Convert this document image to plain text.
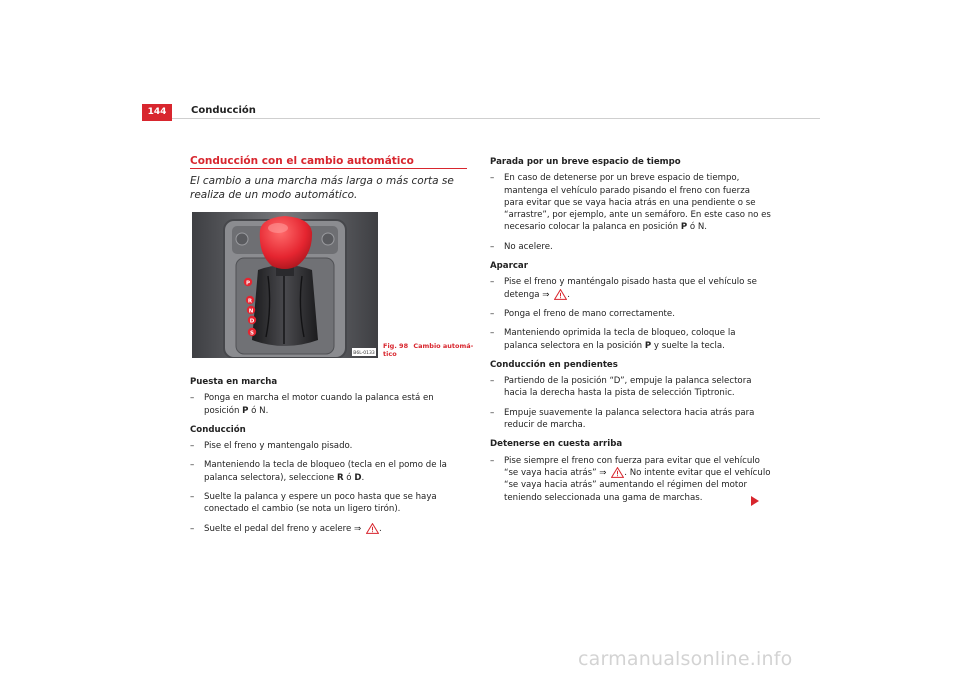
144	Conducción
Conducción con el cambio automático
El cambio a una marcha más larga o más corta se realiza de un modo automático.
P
R
N
D
S
B6L-0133
Fig. 98 Cambio automá-
tico
Puesta en marcha
– Ponga en marcha el motor cuando la palanca está en posición P ó N.
Conducción
– Pise el freno y mantengalo pisado.
– Manteniendo la tecla de bloqueo (tecla en el pomo de la palanca selectora), seleccione R ó D.
– Suelte la palanca y espere un poco hasta que se haya conectado el cambio (se nota un ligero tirón).
– Suelte el pedal del freno y acelere ⇒ .
Parada por un breve espacio de tiempo
– En caso de detenerse por un breve espacio de tiempo, mantenga el vehículo parado pisando el freno con fuerza para evitar que se vaya hacia atrás en una pendiente o se “arrastre”, por ejemplo, ante un semáforo. En este caso no es necesario colocar la palanca en posición P ó N.
– No acelere.
Aparcar
– Pise el freno y manténgalo pisado hasta que el vehículo se detenga ⇒ .
– Ponga el freno de mano correctamente.
– Manteniendo oprimida la tecla de bloqueo, coloque la palanca selectora en la posición P y suelte la tecla.
Conducción en pendientes
– Partiendo de la posición “D”, empuje la palanca selectora hacia la derecha hasta la pista de selección Tiptronic.
– Empuje suavemente la palanca selectora hacia atrás para reducir de marcha.
Detenerse en cuesta arriba
– Pise siempre el freno con fuerza para evitar que el vehículo “se vaya hacia atrás” ⇒ . No intente evitar que el vehículo “se vaya hacia atrás” aumentando el régimen del motor teniendo seleccionada una gama de marchas.
carmanualsonline.info
